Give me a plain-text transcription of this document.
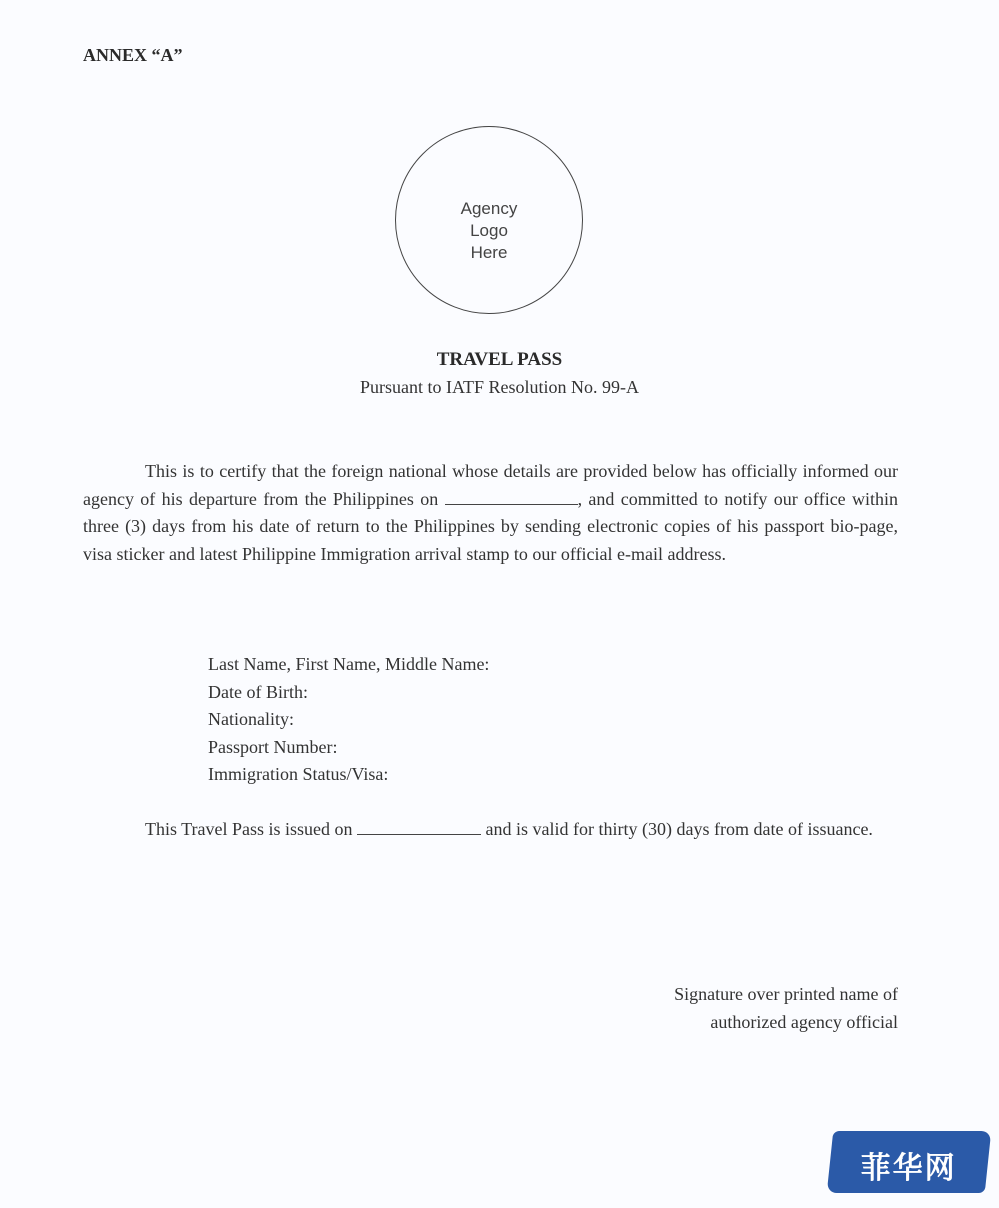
ANNEX “A”
Agency
Logo
Here
TRAVEL PASS
Pursuant to IATF Resolution No. 99-A
This is to certify that the foreign national whose details are provided below has officially informed our agency of his departure from the Philippines on	, and committed to notify our office within three (3) days from his date of return to the Philippines by sending electronic copies of his passport bio-page, visa sticker and latest Philippine Immigration arrival stamp to our official e-mail address.
Last Name, First Name, Middle Name:
Date of Birth:
Nationality:
Passport Number:
Immigration Status/Visa:
This Travel Pass is issued on	and is valid for thirty (30) days from date of issuance.
Signature over printed name of
authorized agency official
菲华网
